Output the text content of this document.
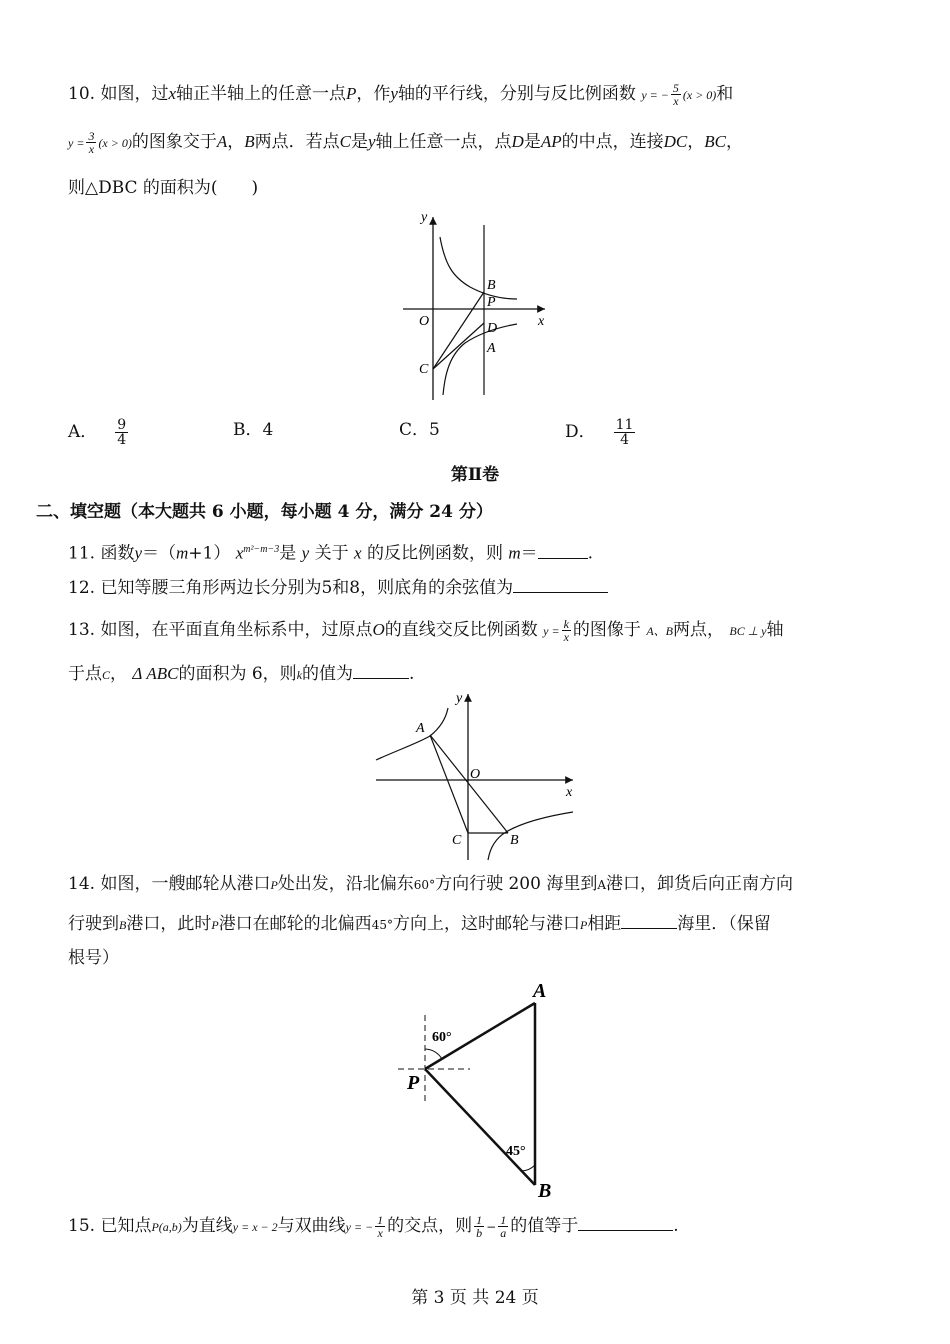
10. 如图，过x轴正半轴上的任意一点P，作y轴的平行线，分别与反比例函数 y = − $\frac{5}{x} (x > 0)$和
$y = \frac{3}{x} (x > 0)$的图象交于A，B两点．若点C是y轴上任意一点，点D是AP的中点，连接DC，BC，
则△DBC 的面积为(　　)
y
O	x
B
P
D
A
C
A． $\frac{9}{4}$	B．4	C．5	D． $\frac{11}{4}$
第Ⅱ卷
二、填空题（本大题共 6 小题，每小题 4 分，满分 24 分）
11. 函数y＝（m+1） $x^{m^2-m-3}$是 y 关于 x 的反比例函数，则 m＝	.
12. 已知等腰三角形两边长分别为5和8，则底角的余弦值为
13. 如图，在平面直角坐标系中，过原点O的直线交反比例函数 $y = \frac{k}{x}$ 的图像于 A、B两点， BC ⊥ y轴
于点C， Δ ABC的面积为 6，则k的值为	.
y
A
O
x
C	B
14. 如图，一艘邮轮从港口P处出发，沿北偏东60°方向行驶 200 海里到A港口，卸货后向正南方向
行驶到B港口，此时P港口在邮轮的北偏西45°方向上，这时邮轮与港口P相距	海里．（保留
根号）
A
P
B
60°
45°
15. 已知点P(a,b)为直线y = x − 2与双曲线y = − $\frac{1}{x}$ 的交点，则 $\frac{1}{b} - \frac{1}{a}$ 的值等于	.
第 3 页 共 24 页
